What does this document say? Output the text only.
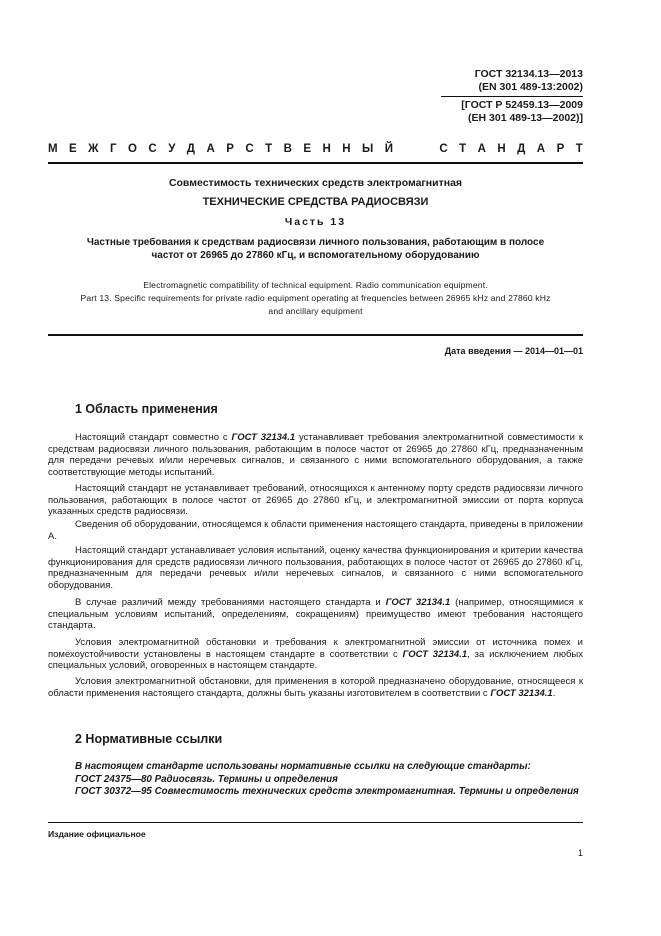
ГОСТ 32134.13—2013
(EN 301 489-13:2002)
[ГОСТ Р 52459.13—2009
(ЕН 301 489-13—2002)]
М Е Ж Г О С У Д А Р С Т В Е Н Н Ы Й	С Т А Н Д А Р Т
Совместимость технических средств электромагнитная
ТЕХНИЧЕСКИЕ СРЕДСТВА РАДИОСВЯЗИ
Часть 13
Частные требования к средствам радиосвязи личного пользования, работающим в полосе
частот от 26965 до 27860 кГц, и вспомогательному оборудованию
Electromagnetic compatibility of technical equipment. Radio communication equipment.
Part 13. Specific requirements for private radio equipment operating at frequencies between 26965 kHz and 27860 kHz
and ancillary equipment
Дата введения — 2014—01—01
1 Область применения

Настоящий стандарт совместно с ГОСТ 32134.1 устанавливает требования электромагнитной совместимости к средствам радиосвязи личного пользования, работающим в полосе частот от 26965 до 27860 кГц, предназначенным для передачи речевых и/или неречевых сигналов, и связанного с ними вспомогательного оборудования, а также соответствующие методы испытаний.

Настоящий стандарт не устанавливает требований, относящихся к антенному порту средств радиосвязи личного пользования, работающих в полосе частот от 26965 до 27860 кГц, и электромагнитной эмиссии от порта корпуса указанных средств радиосвязи.

Сведения об оборудовании, относящемся к области применения настоящего стандарта, приведены в приложении А.

Настоящий стандарт устанавливает условия испытаний, оценку качества функционирования и критерии качества функционирования для средств радиосвязи личного пользования, работающих в полосе частот от 26965 до 27860 кГц, предназначенным для передачи речевых и/или неречевых сигналов, и связанного с ними вспомогательного оборудования.

В случае различий между требованиями настоящего стандарта и ГОСТ 32134.1 (например, относящимися к специальным условиям испытаний, определениям, сокращениям) преимущество имеют требования настоящего стандарта.

Условия электромагнитной обстановки и требования к электромагнитной эмиссии от источника помех и помехоустойчивости установлены в настоящем стандарте в соответствии с ГОСТ 32134.1, за исключением любых специальных условий, оговоренных в настоящем стандарте.

Условия электромагнитной обстановки, для применения в которой предназначено оборудование, относящееся к области применения настоящего стандарта, должны быть указаны изготовителем в соответствии с ГОСТ 32134.1.

2 Нормативные ссылки
В настоящем стандарте использованы нормативные ссылки на следующие стандарты:
ГОСТ 24375—80 Радиосвязь. Термины и определения
ГОСТ 30372—95 Совместимость технических средств электромагнитная. Термины и определения
Издание официальное
1
